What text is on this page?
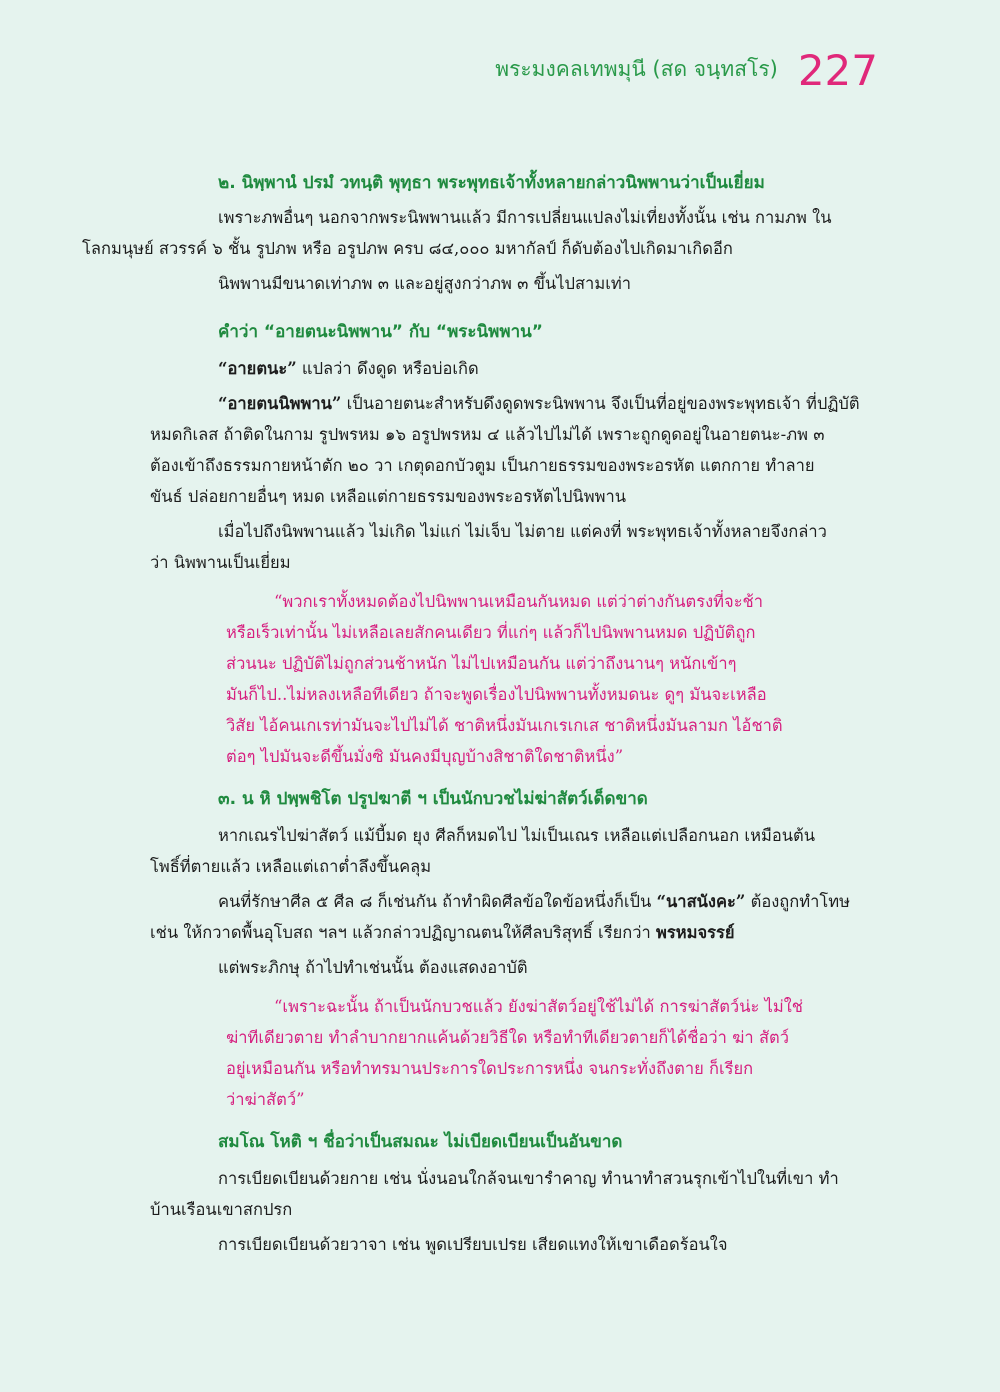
พระมงคลเทพมุนี (สด จนฺทสโร) 227

๒. นิพฺพานํ ปรมํ วทนฺติ พุทฺธา พระพุทธเจ้าทั้งหลายกล่าวนิพพานว่าเป็นเยี่ยม

เพราะภพอื่นๆ นอกจากพระนิพพานแล้ว มีการเปลี่ยนแปลงไม่เที่ยงทั้งนั้น เช่น กามภพ ใน
โลกมนุษย์ สวรรค์ ๖ ชั้น รูปภพ หรือ อรูปภพ ครบ ๘๔,๐๐๐ มหากัลป์ ก็ดับต้องไปเกิดมาเกิดอีก

นิพพานมีขนาดเท่าภพ ๓ และอยู่สูงกว่าภพ ๓ ขึ้นไปสามเท่า

คำว่า “อายตนะนิพพาน” กับ “พระนิพพาน”

“อายตนะ” แปลว่า ดึงดูด หรือบ่อเกิด

“อายตนนิพพาน” เป็นอายตนะสำหรับดึงดูดพระนิพพาน จึงเป็นที่อยู่ของพระพุทธเจ้า ที่ปฏิบัติ
หมดกิเลส ถ้าติดในกาม รูปพรหม ๑๖ อรูปพรหม ๔ แล้วไปไม่ได้ เพราะถูกดูดอยู่ในอายตนะ-ภพ ๓
ต้องเข้าถึงธรรมกายหน้าตัก ๒๐ วา เกตุดอกบัวตูม เป็นกายธรรมของพระอรหัต แตกกาย ทำลาย
ขันธ์ ปล่อยกายอื่นๆ หมด เหลือแต่กายธรรมของพระอรหัตไปนิพพาน

เมื่อไปถึงนิพพานแล้ว ไม่เกิด ไม่แก่ ไม่เจ็บ ไม่ตาย แต่คงที่ พระพุทธเจ้าทั้งหลายจึงกล่าว
ว่า นิพพานเป็นเยี่ยม

“พวกเราทั้งหมดต้องไปนิพพานเหมือนกันหมด แต่ว่าต่างกันตรงที่จะช้า
หรือเร็วเท่านั้น ไม่เหลือเลยสักคนเดียว ที่แก่ๆ แล้วก็ไปนิพพานหมด ปฏิบัติถูก
ส่วนนะ ปฏิบัติไม่ถูกส่วนช้าหนัก ไม่ไปเหมือนกัน แต่ว่าถึงนานๆ หนักเข้าๆ
มันก็ไป..ไม่หลงเหลือทีเดียว ถ้าจะพูดเรื่องไปนิพพานทั้งหมดนะ ดูๆ มันจะเหลือ
วิสัย ไอ้คนเกเรท่ามันจะไปไม่ได้ ชาติหนึ่งมันเกเรเกเส ชาติหนึ่งมันลามก ไอ้ชาติ
ต่อๆ ไปมันจะดีขึ้นมั่งซิ มันคงมีบุญบ้างสิชาติใดชาติหนึ่ง”

๓. น หิ ปพฺพชิโต ปรูปฆาตี ฯ เป็นนักบวชไม่ฆ่าสัตว์เด็ดขาด

หากเณรไปฆ่าสัตว์ แม้บี้มด ยุง ศีลก็หมดไป ไม่เป็นเณร เหลือแต่เปลือกนอก เหมือนต้น
โพธิ์ที่ตายแล้ว เหลือแต่เถาต่ำลึงขึ้นคลุม

คนที่รักษาศีล ๕ ศีล ๘ ก็เช่นกัน ถ้าทำผิดศีลข้อใดข้อหนึ่งก็เป็น “นาสนังคะ” ต้องถูกทำโทษ
เช่น ให้กวาดพื้นอุโบสถ ฯลฯ แล้วกล่าวปฏิญาณตนให้ศีลบริสุทธิ์ เรียกว่า พรหมจรรย์

แต่พระภิกษุ ถ้าไปทำเช่นนั้น ต้องแสดงอาบัติ

“เพราะฉะนั้น ถ้าเป็นนักบวชแล้ว ยังฆ่าสัตว์อยู่ใช้ไม่ได้ การฆ่าสัตว์น่ะ ไม่ใช่
ฆ่าทีเดียวตาย ทำลำบากยากแค้นด้วยวิธีใด หรือทำทีเดียวตายก็ได้ชื่อว่า ฆ่า สัตว์
อยู่เหมือนกัน หรือทำทรมานประการใดประการหนึ่ง จนกระทั่งถึงตาย ก็เรียก
ว่าฆ่าสัตว์”

สมโณ โหติ ฯ ชื่อว่าเป็นสมณะ ไม่เบียดเบียนเป็นอันขาด

การเบียดเบียนด้วยกาย เช่น นั่งนอนใกล้จนเขารำคาญ ทำนาทำสวนรุกเข้าไปในที่เขา ทำ
บ้านเรือนเขาสกปรก

การเบียดเบียนด้วยวาจา เช่น พูดเปรียบเปรย เสียดแทงให้เขาเดือดร้อนใจ
